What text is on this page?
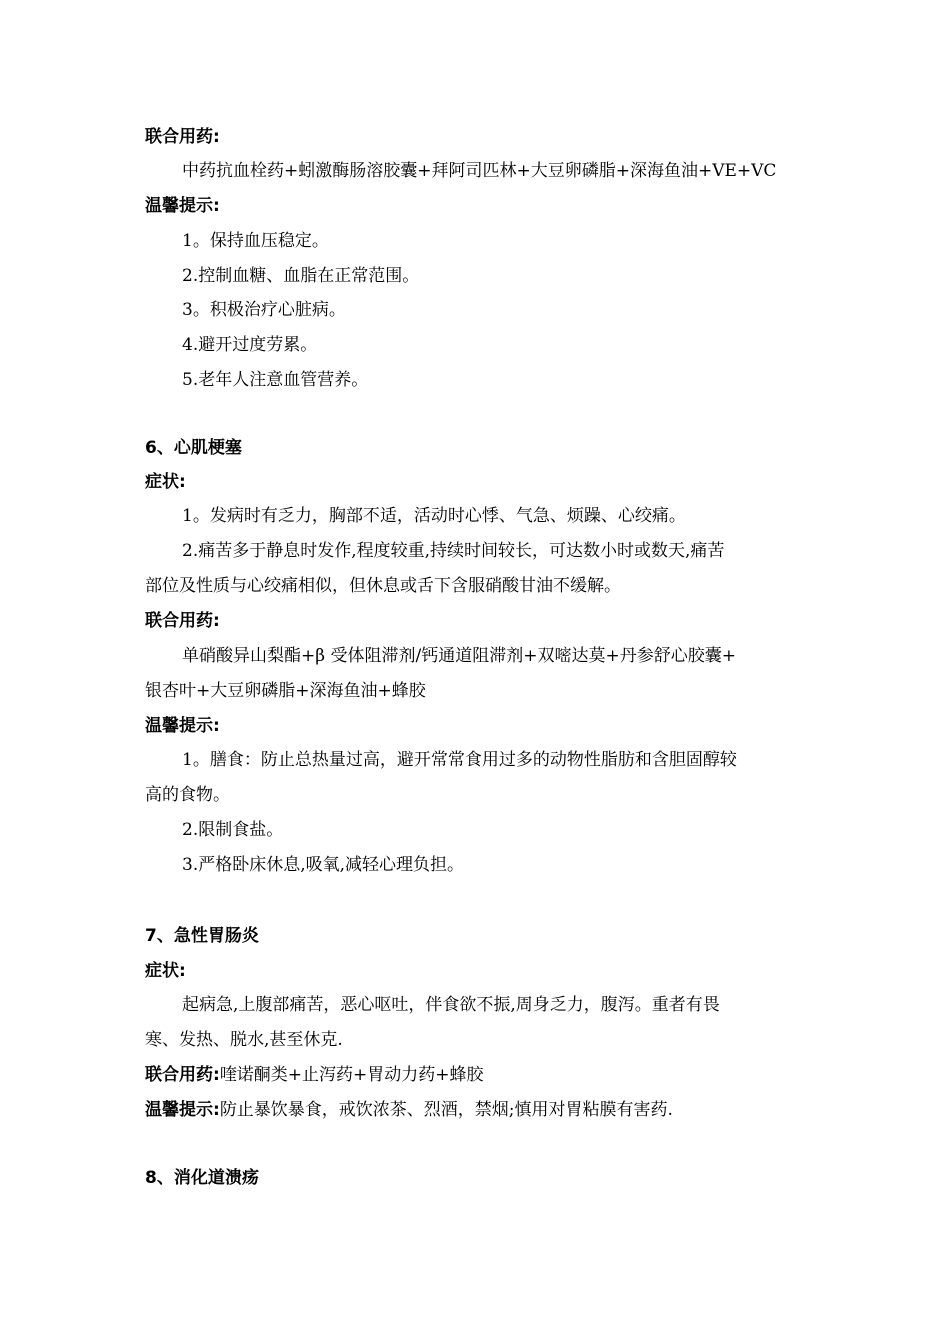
联合用药:
中药抗血栓药+蚓激酶肠溶胶囊+拜阿司匹林+大豆卵磷脂+深海鱼油+VE+VC
温馨提示:
1。保持血压稳定。
2.控制血糖、血脂在正常范围。
3。积极治疗心脏病。
4.避开过度劳累。
5.老年人注意血管营养。
6、心肌梗塞
症状:
1。发病时有乏力，胸部不适，活动时心悸、气急、烦躁、心绞痛。
2.痛苦多于静息时发作,程度较重,持续时间较长，可达数小时或数天,痛苦
部位及性质与心绞痛相似，但休息或舌下含服硝酸甘油不缓解。
联合用药:
单硝酸异山梨酯+β 受体阻滞剂/钙通道阻滞剂+双嘧达莫+丹参舒心胶囊+
银杏叶+大豆卵磷脂+深海鱼油+蜂胶
温馨提示:
1。膳食：防止总热量过高，避开常常食用过多的动物性脂肪和含胆固醇较
高的食物。
2.限制食盐。
3.严格卧床休息,吸氧,减轻心理负担。
7、急性胃肠炎
症状:
起病急,上腹部痛苦，恶心呕吐，伴食欲不振,周身乏力，腹泻。重者有畏
寒、发热、脱水,甚至休克.
联合用药:喹诺酮类+止泻药+胃动力药+蜂胶
温馨提示:防止暴饮暴食，戒饮浓茶、烈酒，禁烟;慎用对胃粘膜有害药.
8、消化道溃疡
